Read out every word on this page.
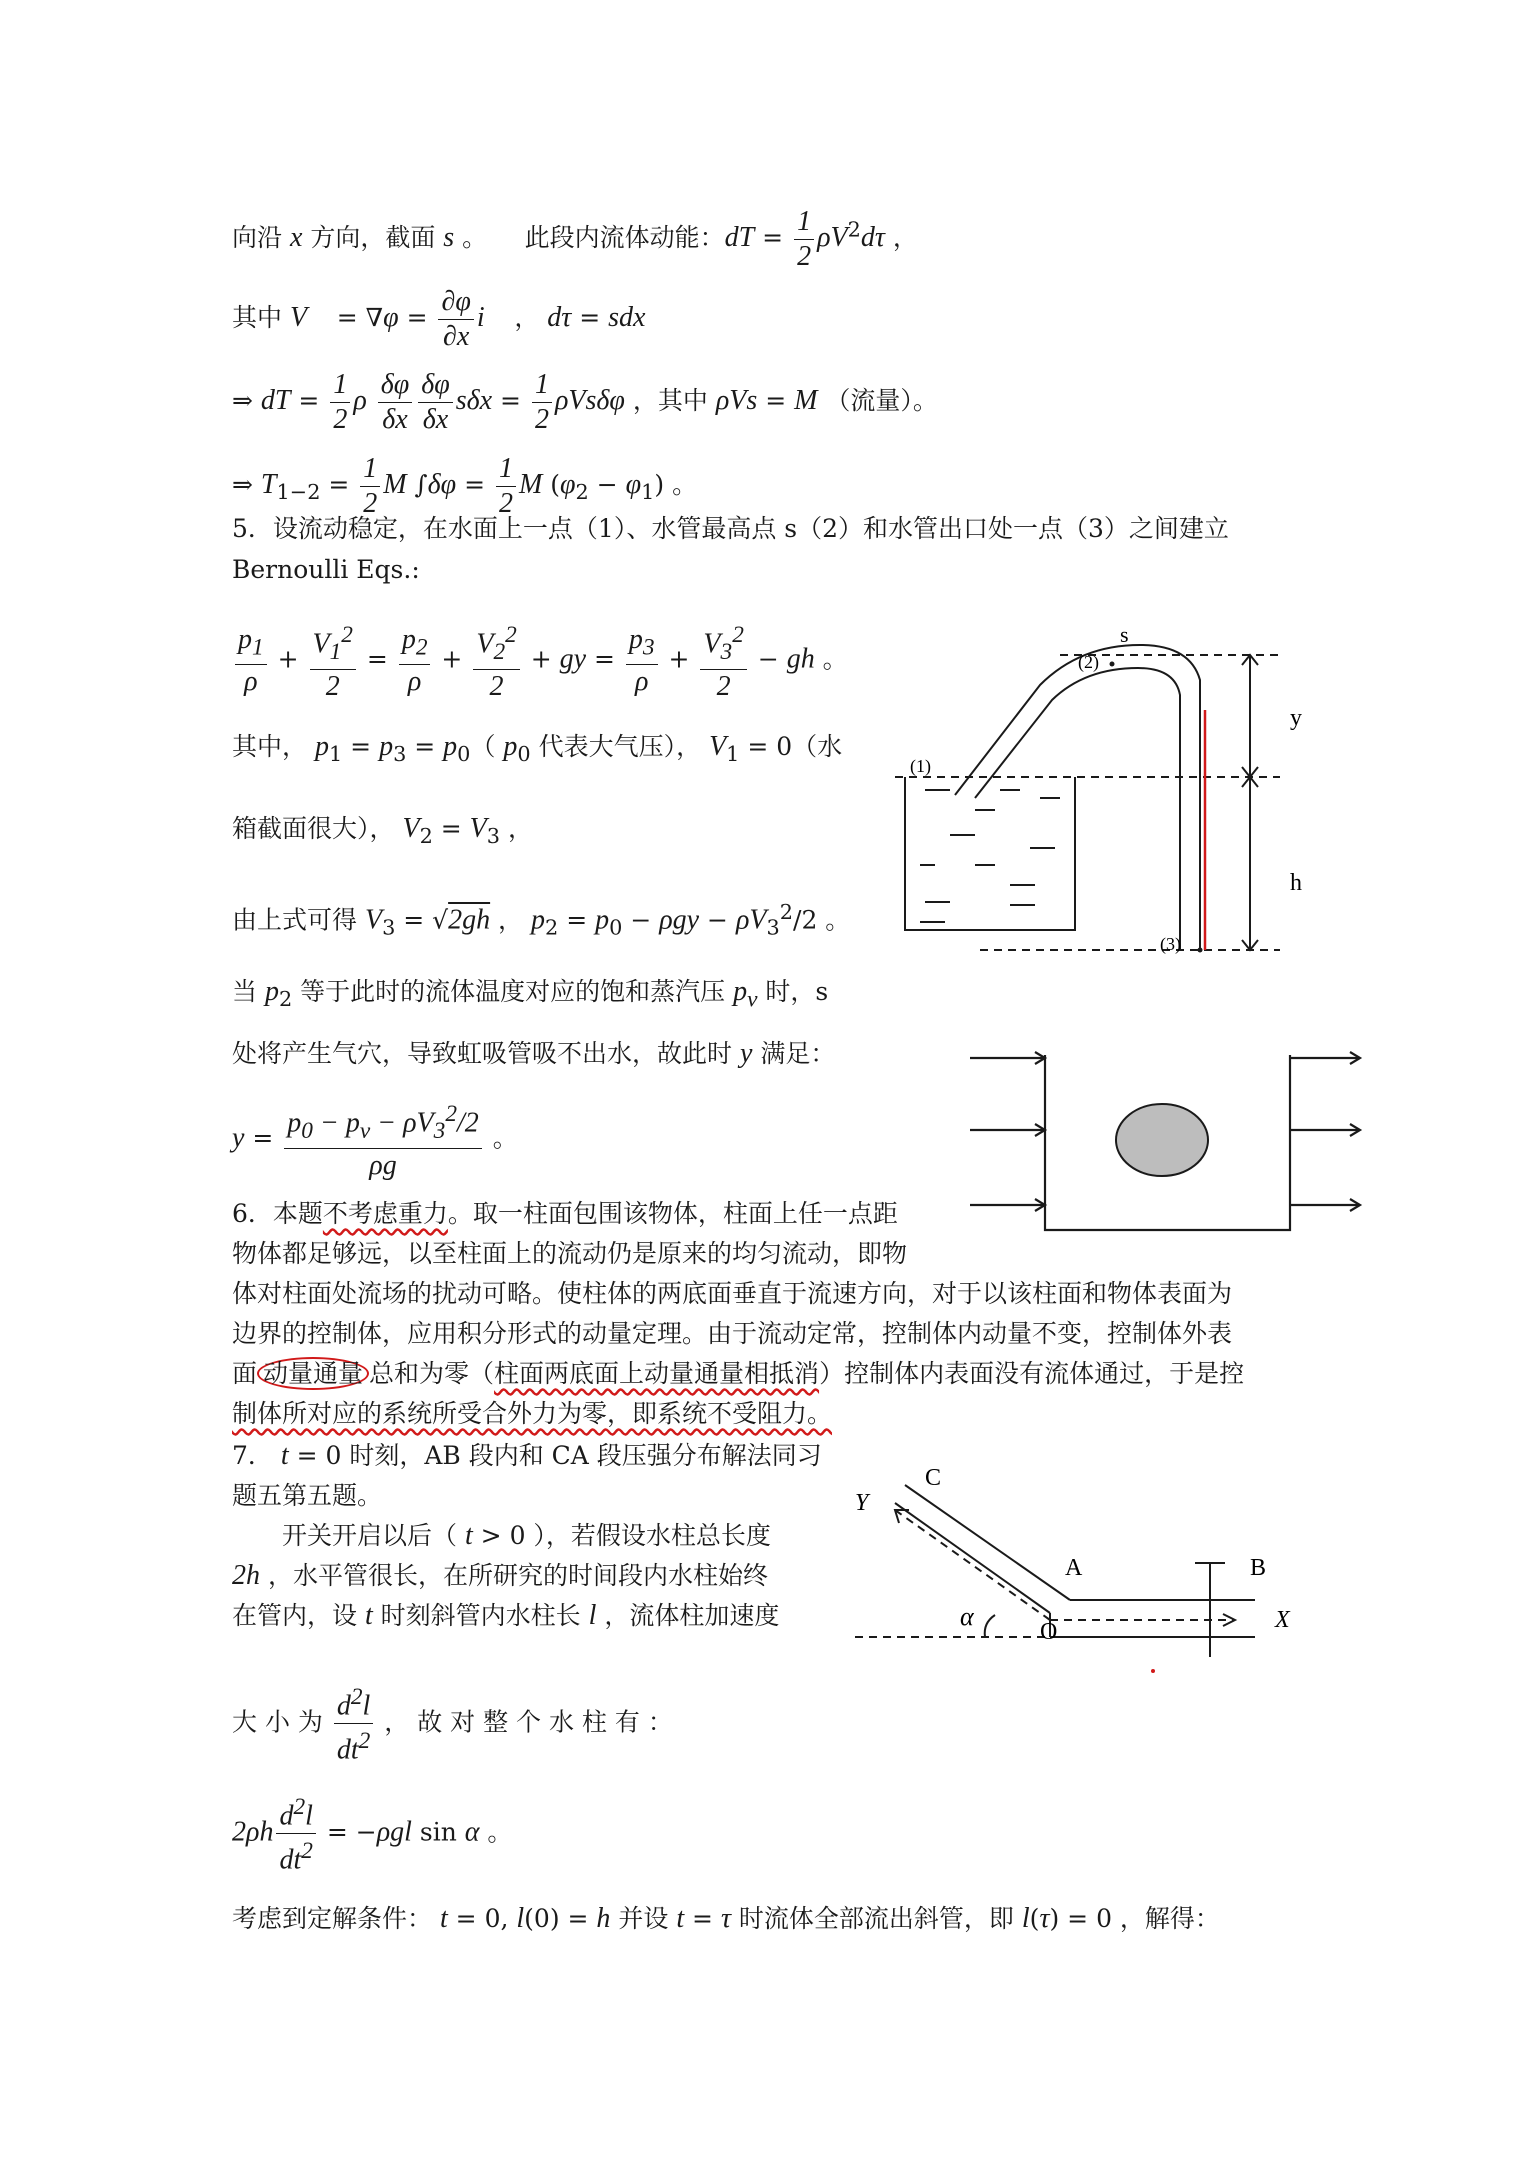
向沿 x 方向，截面 s 。　　此段内流体动能：dT = $\frac{1}{2} \rho V^2d\tau$ ，
其中 V⃗ = $\nabla\varphi = \frac{\partial\varphi}{\partial x}$ i⃗ ， dτ = sdx
⇒ dT = $\frac{1}{2}$ ρ $\frac{\delta\varphi}{\delta x} \frac{\delta\varphi}{\delta x}$ $s\delta x = \frac{1}{2}$ ρVsδφ ，其中 ρVs = M （流量）。
⇒ $T_{1-2} = \frac{1}{2}$ M $\int\delta\varphi = \frac{1}{2}$ M $(\varphi_2 - \varphi_1)$ 。
5．设流动稳定，在水面上一点（1）、水管最高点 s（2）和水管出口处一点（3）之间建立
Bernoulli Eqs.:
$\frac{p_1}{\rho} + \frac{V_1^2}{2} = \frac{p_2}{\rho} + \frac{V_2^2}{2}$ + gy = $\frac{p_3}{\rho} + \frac{V_3^2}{2}$ − gh 。
其中， $p_1 = p_3 = p_0$（ $p_0$ 代表大气压）， $V_1 = 0$（水
箱截面很大）， $V_2 = V_3$ ，
由上式可得 $V_3 = √2gh$ ， $p_2 = p_0 - \rho gy - \rho V_3^2/2$ 。
当 $p_2$ 等于此时的流体温度对应的饱和蒸汽压 $p_v$ 时，s
处将产生气穴，导致虹吸管吸不出水，故此时 y 满足：
$y = \frac{p_0 - p_v - \rho V_3^2/2}{\rho g}$ 。
6．本题不考虑重力。取一柱面包围该物体，柱面上任一点距
物体都足够远，以至柱面上的流动仍是原来的均匀流动，即物
体对柱面处流场的扰动可略。使柱体的两底面垂直于流速方向，对于以该柱面和物体表面为
边界的控制体，应用积分形式的动量定理。由于流动定常，控制体内动量不变，控制体外表
面 动量通量 总和为零（柱面两底面上动量通量相抵消）控制体内表面没有流体通过，于是控
制体所对应的系统所受合外力为零，即系统不受阻力。
7． t = 0 时刻，AB 段内和 CA 段压强分布解法同习
题五第五题。
　　开关开启以后（ t > 0 ），若假设水柱总长度
2h ，水平管很长，在所研究的时间段内水柱始终
在管内，设 t 时刻斜管内水柱长 l ，流体柱加速度
大 小 为 $\frac{d^2l}{dt^2}$ ， 故 对 整 个 水 柱 有 ：
$2\rho h \frac{d^2l}{dt^2} = -\rho gl$ sin α 。
考虑到定解条件： t = 0, l(0) = h 并设 t = τ 时流体全部流出斜管，即 l(τ) = 0 ，解得：
s
(2)
(1)
(3)
y
h
C
Y
A	B
O	X
α
